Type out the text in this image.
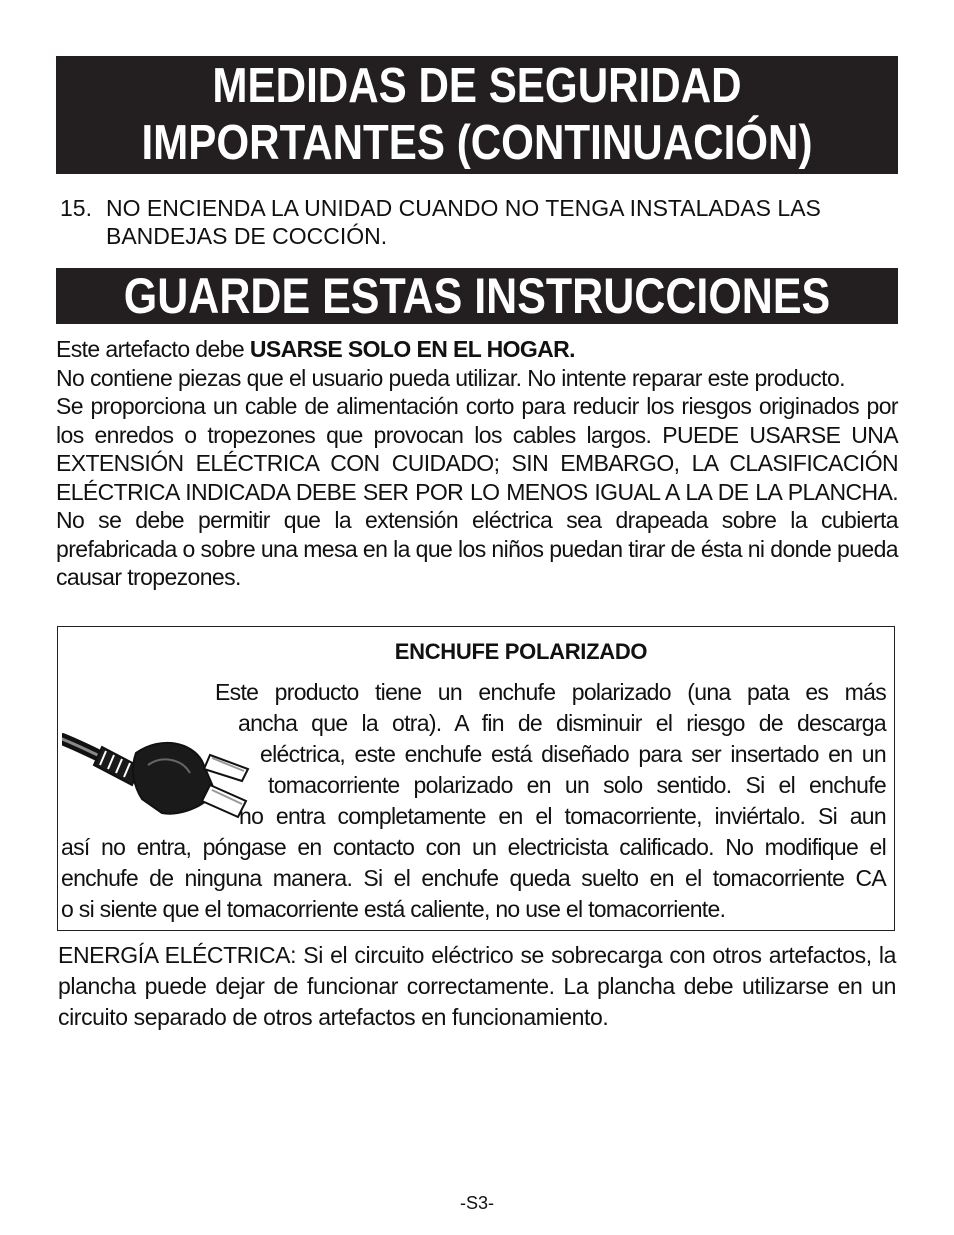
MEDIDAS DE SEGURIDAD
IMPORTANTES (CONTINUACIÓN)
15. NO ENCIENDA LA UNIDAD CUANDO NO TENGA INSTALADAS LAS BANDEJAS DE COCCIÓN.
GUARDE ESTAS INSTRUCCIONES
Este artefacto debe USARSE SOLO EN EL HOGAR.
No contiene piezas que el usuario pueda utilizar. No intente reparar este producto.
Se proporciona un cable de alimentación corto para reducir los riesgos originados por los enredos o tropezones que provocan los cables largos. PUEDE USARSE UNA EXTENSIÓN ELÉCTRICA CON CUIDADO; SIN EMBARGO, LA CLASIFICACIÓN ELÉCTRICA INDICADA DEBE SER POR LO MENOS IGUAL A LA DE LA PLANCHA. No se debe permitir que la extensión eléctrica sea drapeada sobre la cubierta prefabricada o sobre una mesa en la que los niños puedan tirar de ésta ni donde pueda causar tropezones.
ENCHUFE POLARIZADO
Este producto tiene un enchufe polarizado (una pata es más
ancha que la otra). A fin de disminuir el riesgo de descarga
eléctrica, este enchufe está diseñado para ser insertado en un
tomacorriente polarizado en un solo sentido. Si el enchufe
no entra completamente en el tomacorriente, inviértalo. Si aun
así no entra, póngase en contacto con un electricista calificado. No modifique el
enchufe de ninguna manera. Si el enchufe queda suelto en el tomacorriente CA
o si siente que el tomacorriente está caliente, no use el tomacorriente.
ENERGÍA ELÉCTRICA: Si el circuito eléctrico se sobrecarga con otros artefactos, la plancha puede dejar de funcionar correctamente. La plancha debe utilizarse en un circuito separado de otros artefactos en funcionamiento.
-S3-
